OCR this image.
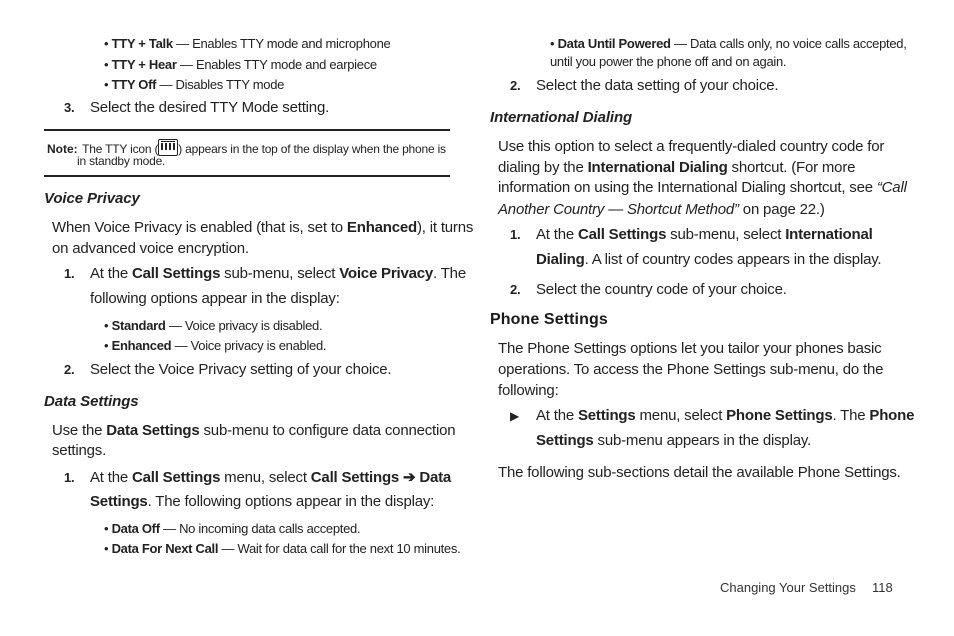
• TTY + Talk — Enables TTY mode and microphone
• TTY + Hear — Enables TTY mode and earpiece
• TTY Off — Disables TTY mode
3. Select the desired TTY Mode setting.
Note: The TTY icon ( ) appears in the top of the display when the phone is
in standby mode.
Voice Privacy
When Voice Privacy is enabled (that is, set to Enhanced), it turns
on advanced voice encryption.
1. At the Call Settings sub-menu, select Voice Privacy. The
following options appear in the display:
• Standard — Voice privacy is disabled.
• Enhanced — Voice privacy is enabled.
2. Select the Voice Privacy setting of your choice.
Data Settings
Use the Data Settings sub-menu to configure data connection
settings.
1. At the Call Settings menu, select Call Settings ➔ Data
Settings. The following options appear in the display:
• Data Off — No incoming data calls accepted.
• Data For Next Call — Wait for data call for the next 10 minutes.
• Data Until Powered — Data calls only, no voice calls accepted,
until you power the phone off and on again.
2. Select the data setting of your choice.
International Dialing
Use this option to select a frequently-dialed country code for
dialing by the International Dialing shortcut. (For more
information on using the International Dialing shortcut, see “Call
Another Country — Shortcut Method” on page 22.)
1. At the Call Settings sub-menu, select International
Dialing. A list of country codes appears in the display.
2. Select the country code of your choice.
Phone Settings
The Phone Settings options let you tailor your phones basic
operations. To access the Phone Settings sub-menu, do the
following:
▶ At the Settings menu, select Phone Settings. The Phone
Settings sub-menu appears in the display.
The following sub-sections detail the available Phone Settings.
Changing Your Settings 118
